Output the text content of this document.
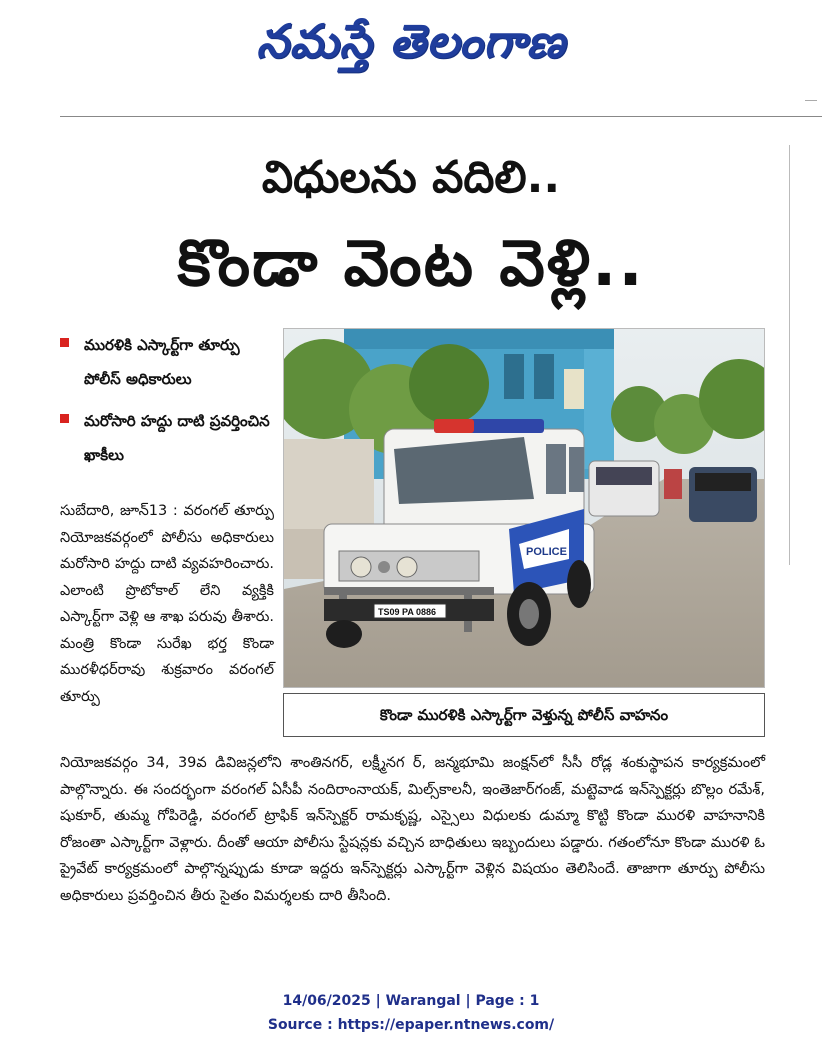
నమస్తే తెలంగాణ
విధులను వదిలి..
కొండా వెంట వెళ్లి..
మురళికి ఎస్కార్ట్‌గా తూర్పు పోలీస్ అధికారులు
మరోసారి హద్దు దాటి ప్రవర్తించిన ఖాకీలు
సుబేదారి, జూన్13 : వరంగల్ తూర్పు నియోజకవర్గంలో పోలీసు అధికారులు మరోసారి హద్దు దాటి వ్యవహరించారు. ఎలాంటి ప్రొటోకాల్ లేని వ్యక్తికి ఎస్కార్ట్‌గా వెళ్లి ఆ శాఖ పరువు తీశారు. మంత్రి కొండా సురేఖ భర్త కొండా మురళీధర్‌రావు శుక్రవారం వరంగల్ తూర్పు
నియోజకవర్గం 34, 39వ డివిజన్లలోని శాంతినగర్, లక్ష్మీనగ ర్, జన్మభూమి జంక్షన్‌లో సీసీ రోడ్ల శంకుస్థాపన కార్యక్రమంలో పాల్గొన్నారు. ఈ సందర్భంగా వరంగల్ ఏసీపీ నందిరాంనాయక్, మిల్స్‌కాలనీ, ఇంతెజార్‌గంజ్, మట్టెవాడ ఇన్‌స్పెక్టర్లు బొల్లం రమేశ్, షుకూర్, తుమ్మ గోపిరెడ్డి, వరంగల్ ట్రాఫిక్ ఇన్‌స్పెక్టర్ రామకృష్ణ, ఎస్సైలు విధులకు డుమ్మా కొట్టి కొండా మురళి వాహనానికి రోజంతా ఎస్కార్ట్‌గా వెళ్లారు. దీంతో ఆయా పోలీసు స్టేషన్లకు వచ్చిన బాధితులు ఇబ్బందులు పడ్డారు. గతంలోనూ కొండా మురళి ఓ ప్రైవేట్ కార్యక్రమంలో పాల్గొన్నప్పుడు కూడా ఇద్దరు ఇన్‌స్పెక్టర్లు ఎస్కార్ట్‌గా వెళ్లిన విషయం తెలిసిందే. తాజాగా తూర్పు పోలీసు అధికారులు ప్రవర్తించిన తీరు సైతం విమర్శలకు దారి తీసింది.
POLICE
TS09 PA 0886
కొండా మురళికి ఎస్కార్ట్‌గా వెళ్తున్న పోలీస్ వాహనం
14/06/2025 | Warangal | Page : 1
Source : https://epaper.ntnews.com/
